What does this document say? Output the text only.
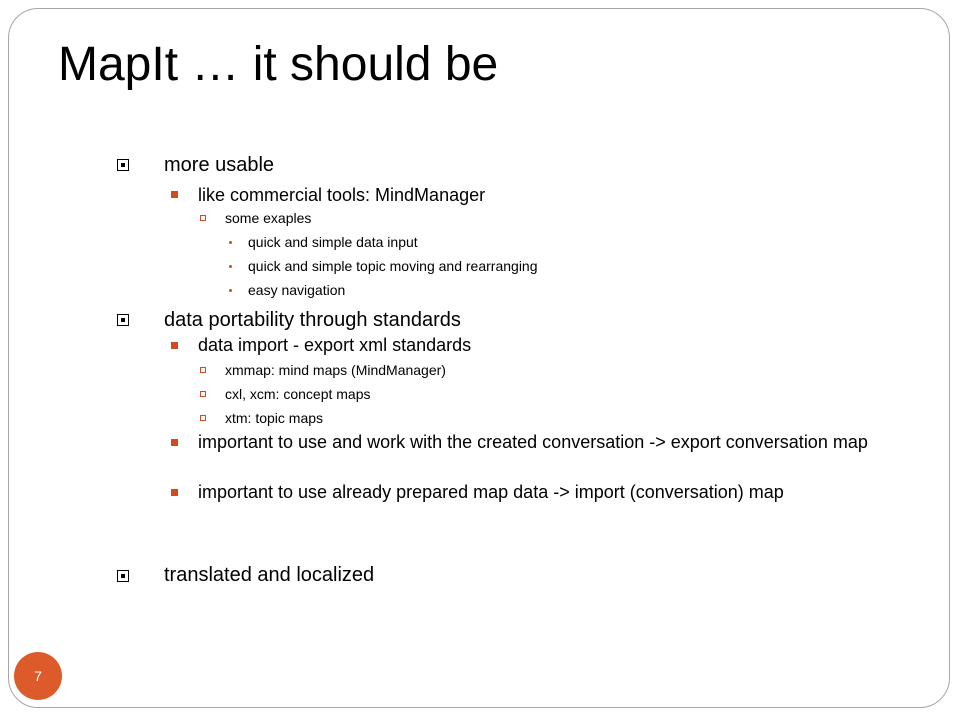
MapIt … it should be
more usable
like commercial tools: MindManager
some exaples
quick and simple data input
quick and simple topic moving and rearranging
easy navigation
data portability through standards
data import - export xml standards
xmmap: mind maps (MindManager)
cxl, xcm: concept maps
xtm: topic maps
important to use and work with the created conversation -> export conversation map
important to use already prepared map data -> import (conversation) map
translated and localized
7
